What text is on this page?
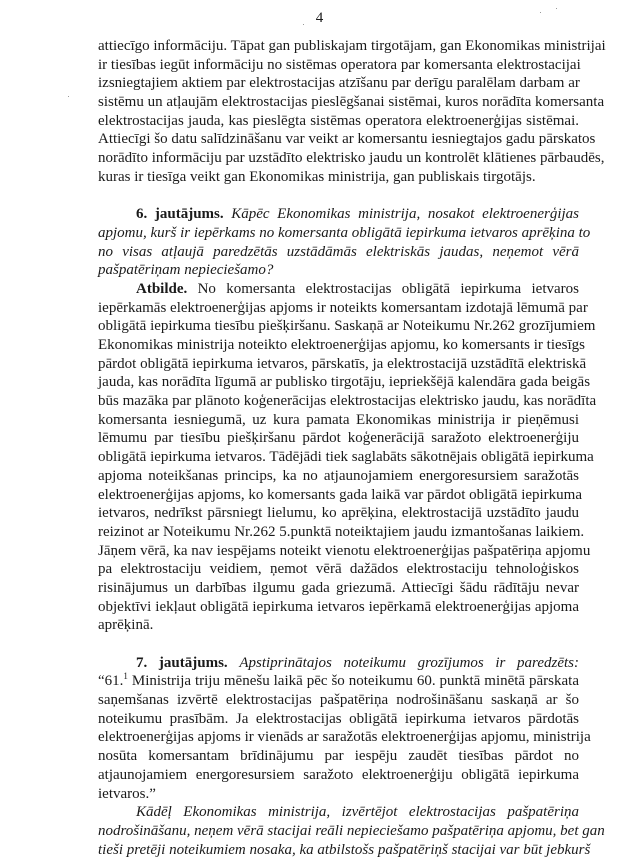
4
attiecīgo informāciju. Tāpat gan publiskajam tirgotājam, gan Ekonomikas ministrijai
ir tiesības iegūt informāciju no sistēmas operatora par komersanta elektrostacijai
izsniegtajiem aktiem par elektrostacijas atzīšanu par derīgu paralēlam darbam ar
sistēmu un atļaujām elektrostacijas pieslēgšanai sistēmai, kuros norādīta komersanta
elektrostacijas jauda, kas pieslēgta sistēmas operatora elektroenerģijas sistēmai.
Attiecīgi šo datu salīdzināšanu var veikt ar komersantu iesniegtajos gadu pārskatos
norādīto informāciju par uzstādīto elektrisko jaudu un kontrolēt klātienes pārbaudēs,
kuras ir tiesīga veikt gan Ekonomikas ministrija, gan publiskais tirgotājs.
6. jautājums. Kāpēc Ekonomikas ministrija, nosakot elektroenerģijas
apjomu, kurš ir iepērkams no komersanta obligātā iepirkuma ietvaros aprēķina to
no visas atļaujā paredzētās uzstādāmās elektriskās jaudas, neņemot vērā
pašpatēriņam nepieciešamo?
Atbilde. No komersanta elektrostacijas obligātā iepirkuma ietvaros
iepērkamās elektroenerģijas apjoms ir noteikts komersantam izdotajā lēmumā par
obligātā iepirkuma tiesību piešķiršanu. Saskaņā ar Noteikumu Nr.262 grozījumiem
Ekonomikas ministrija noteikto elektroenerģijas apjomu, ko komersants ir tiesīgs
pārdot obligātā iepirkuma ietvaros, pārskatīs, ja elektrostacijā uzstādītā elektriskā
jauda, kas norādīta līgumā ar publisko tirgotāju, iepriekšējā kalendāra gada beigās
būs mazāka par plānoto koģenerācijas elektrostacijas elektrisko jaudu, kas norādīta
komersanta iesniegumā, uz kura pamata Ekonomikas ministrija ir pieņēmusi
lēmumu par tiesību piešķiršanu pārdot koģenerācijā saražoto elektroenerģiju
obligātā iepirkuma ietvaros. Tādējādi tiek saglabāts sākotnējais obligātā iepirkuma
apjoma noteikšanas princips, ka no atjaunojamiem energoresursiem saražotās
elektroenerģijas apjoms, ko komersants gada laikā var pārdot obligātā iepirkuma
ietvaros, nedrīkst pārsniegt lielumu, ko aprēķina, elektrostacijā uzstādīto jaudu
reizinot ar Noteikumu Nr.262 5.punktā noteiktajiem jaudu izmantošanas laikiem.
Jāņem vērā, ka nav iespējams noteikt vienotu elektroenerģijas pašpatēriņa apjomu
pa elektrostaciju veidiem, ņemot vērā dažādos elektrostaciju tehnoloģiskos
risinājumus un darbības ilgumu gada griezumā. Attiecīgi šādu rādītāju nevar
objektīvi iekļaut obligātā iepirkuma ietvaros iepērkamā elektroenerģijas apjoma
aprēķinā.
7. jautājums. Apstiprinātajos noteikumu grozījumos ir paredzēts:
“61.$^1$ Ministrija triju mēnešu laikā pēc šo noteikumu 60. punktā minētā pārskata
saņemšanas izvērtē elektrostacijas pašpatēriņa nodrošināšanu saskaņā ar šo
noteikumu prasībām. Ja elektrostacijas obligātā iepirkuma ietvaros pārdotās
elektroenerģijas apjoms ir vienāds ar saražotās elektroenerģijas apjomu, ministrija
nosūta komersantam brīdinājumu par iespēju zaudēt tiesības pārdot no
atjaunojamiem energoresursiem saražoto elektroenerģiju obligātā iepirkuma
ietvaros.”
Kādēļ Ekonomikas ministrija, izvērtējot elektrostacijas pašpatēriņa
nodrošināšanu, neņem vērā stacijai reāli nepieciešamo pašpatēriņa apjomu, bet gan
tieši pretēji noteikumiem nosaka, ka atbilstošs pašpatēriņš stacijai var būt jebkurš
